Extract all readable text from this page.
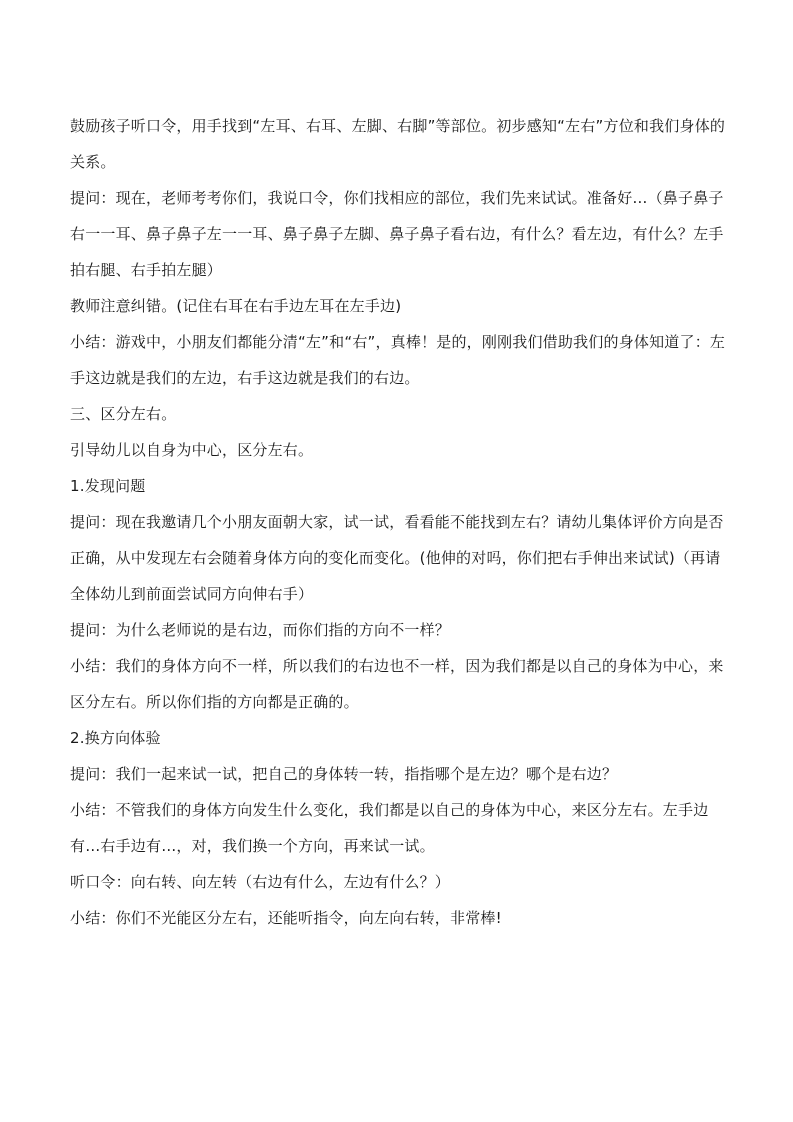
鼓励孩子听口令，用手找到“左耳、右耳、左脚、右脚”等部位。初步感知“左右”方位和我们身体的关系。

提问：现在，老师考考你们，我说口令，你们找相应的部位，我们先来试试。准备好…（鼻子鼻子右一一耳、鼻子鼻子左一一耳、鼻子鼻子左脚、鼻子鼻子看右边，有什么？看左边，有什么？左手拍右腿、右手拍左腿）

教师注意纠错。(记住右耳在右手边左耳在左手边)

小结：游戏中，小朋友们都能分清“左”和“右”，真棒！是的，刚刚我们借助我们的身体知道了：左手这边就是我们的左边，右手这边就是我们的右边。

三、区分左右。

引导幼儿以自身为中心，区分左右。

1.发现问题

提问：现在我邀请几个小朋友面朝大家，试一试，看看能不能找到左右？请幼儿集体评价方向是否正确，从中发现左右会随着身体方向的变化而变化。(他伸的对吗，你们把右手伸出来试试)（再请全体幼儿到前面尝试同方向伸右手）

提问：为什么老师说的是右边，而你们指的方向不一样？

小结：我们的身体方向不一样，所以我们的右边也不一样，因为我们都是以自己的身体为中心，来区分左右。所以你们指的方向都是正确的。

2.换方向体验

提问：我们一起来试一试，把自己的身体转一转，指指哪个是左边？哪个是右边？

小结：不管我们的身体方向发生什么变化，我们都是以自己的身体为中心，来区分左右。左手边有…右手边有…，对，我们换一个方向，再来试一试。

听口令：向右转、向左转（右边有什么，左边有什么？）

小结：你们不光能区分左右，还能听指令，向左向右转，非常棒!
